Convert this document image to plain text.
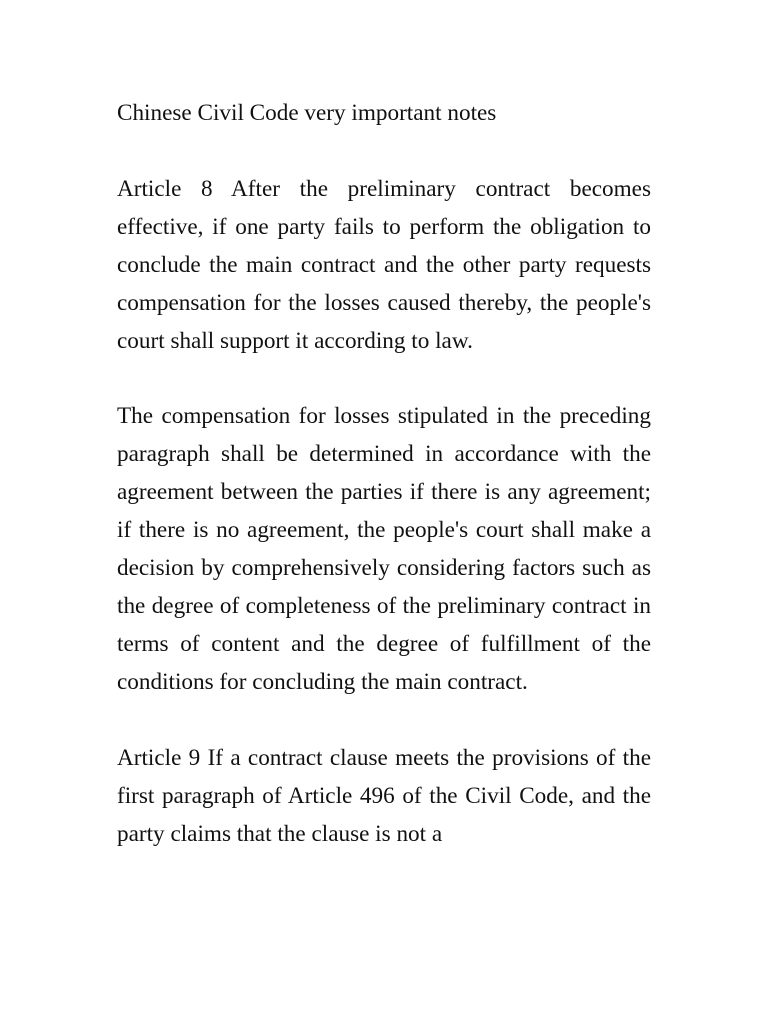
Chinese Civil Code very important notes

Article 8 After the preliminary contract becomes effective, if one party fails to perform the obligation to conclude the main contract and the other party requests compensation for the losses caused thereby, the people's court shall support it according to law.

The compensation for losses stipulated in the preceding paragraph shall be determined in accordance with the agreement between the parties if there is any agreement; if there is no agreement, the people's court shall make a decision by comprehensively considering factors such as the degree of completeness of the preliminary contract in terms of content and the degree of fulfillment of the conditions for concluding the main contract.

Article 9 If a contract clause meets the provisions of the first paragraph of Article 496 of the Civil Code, and the party claims that the clause is not a
